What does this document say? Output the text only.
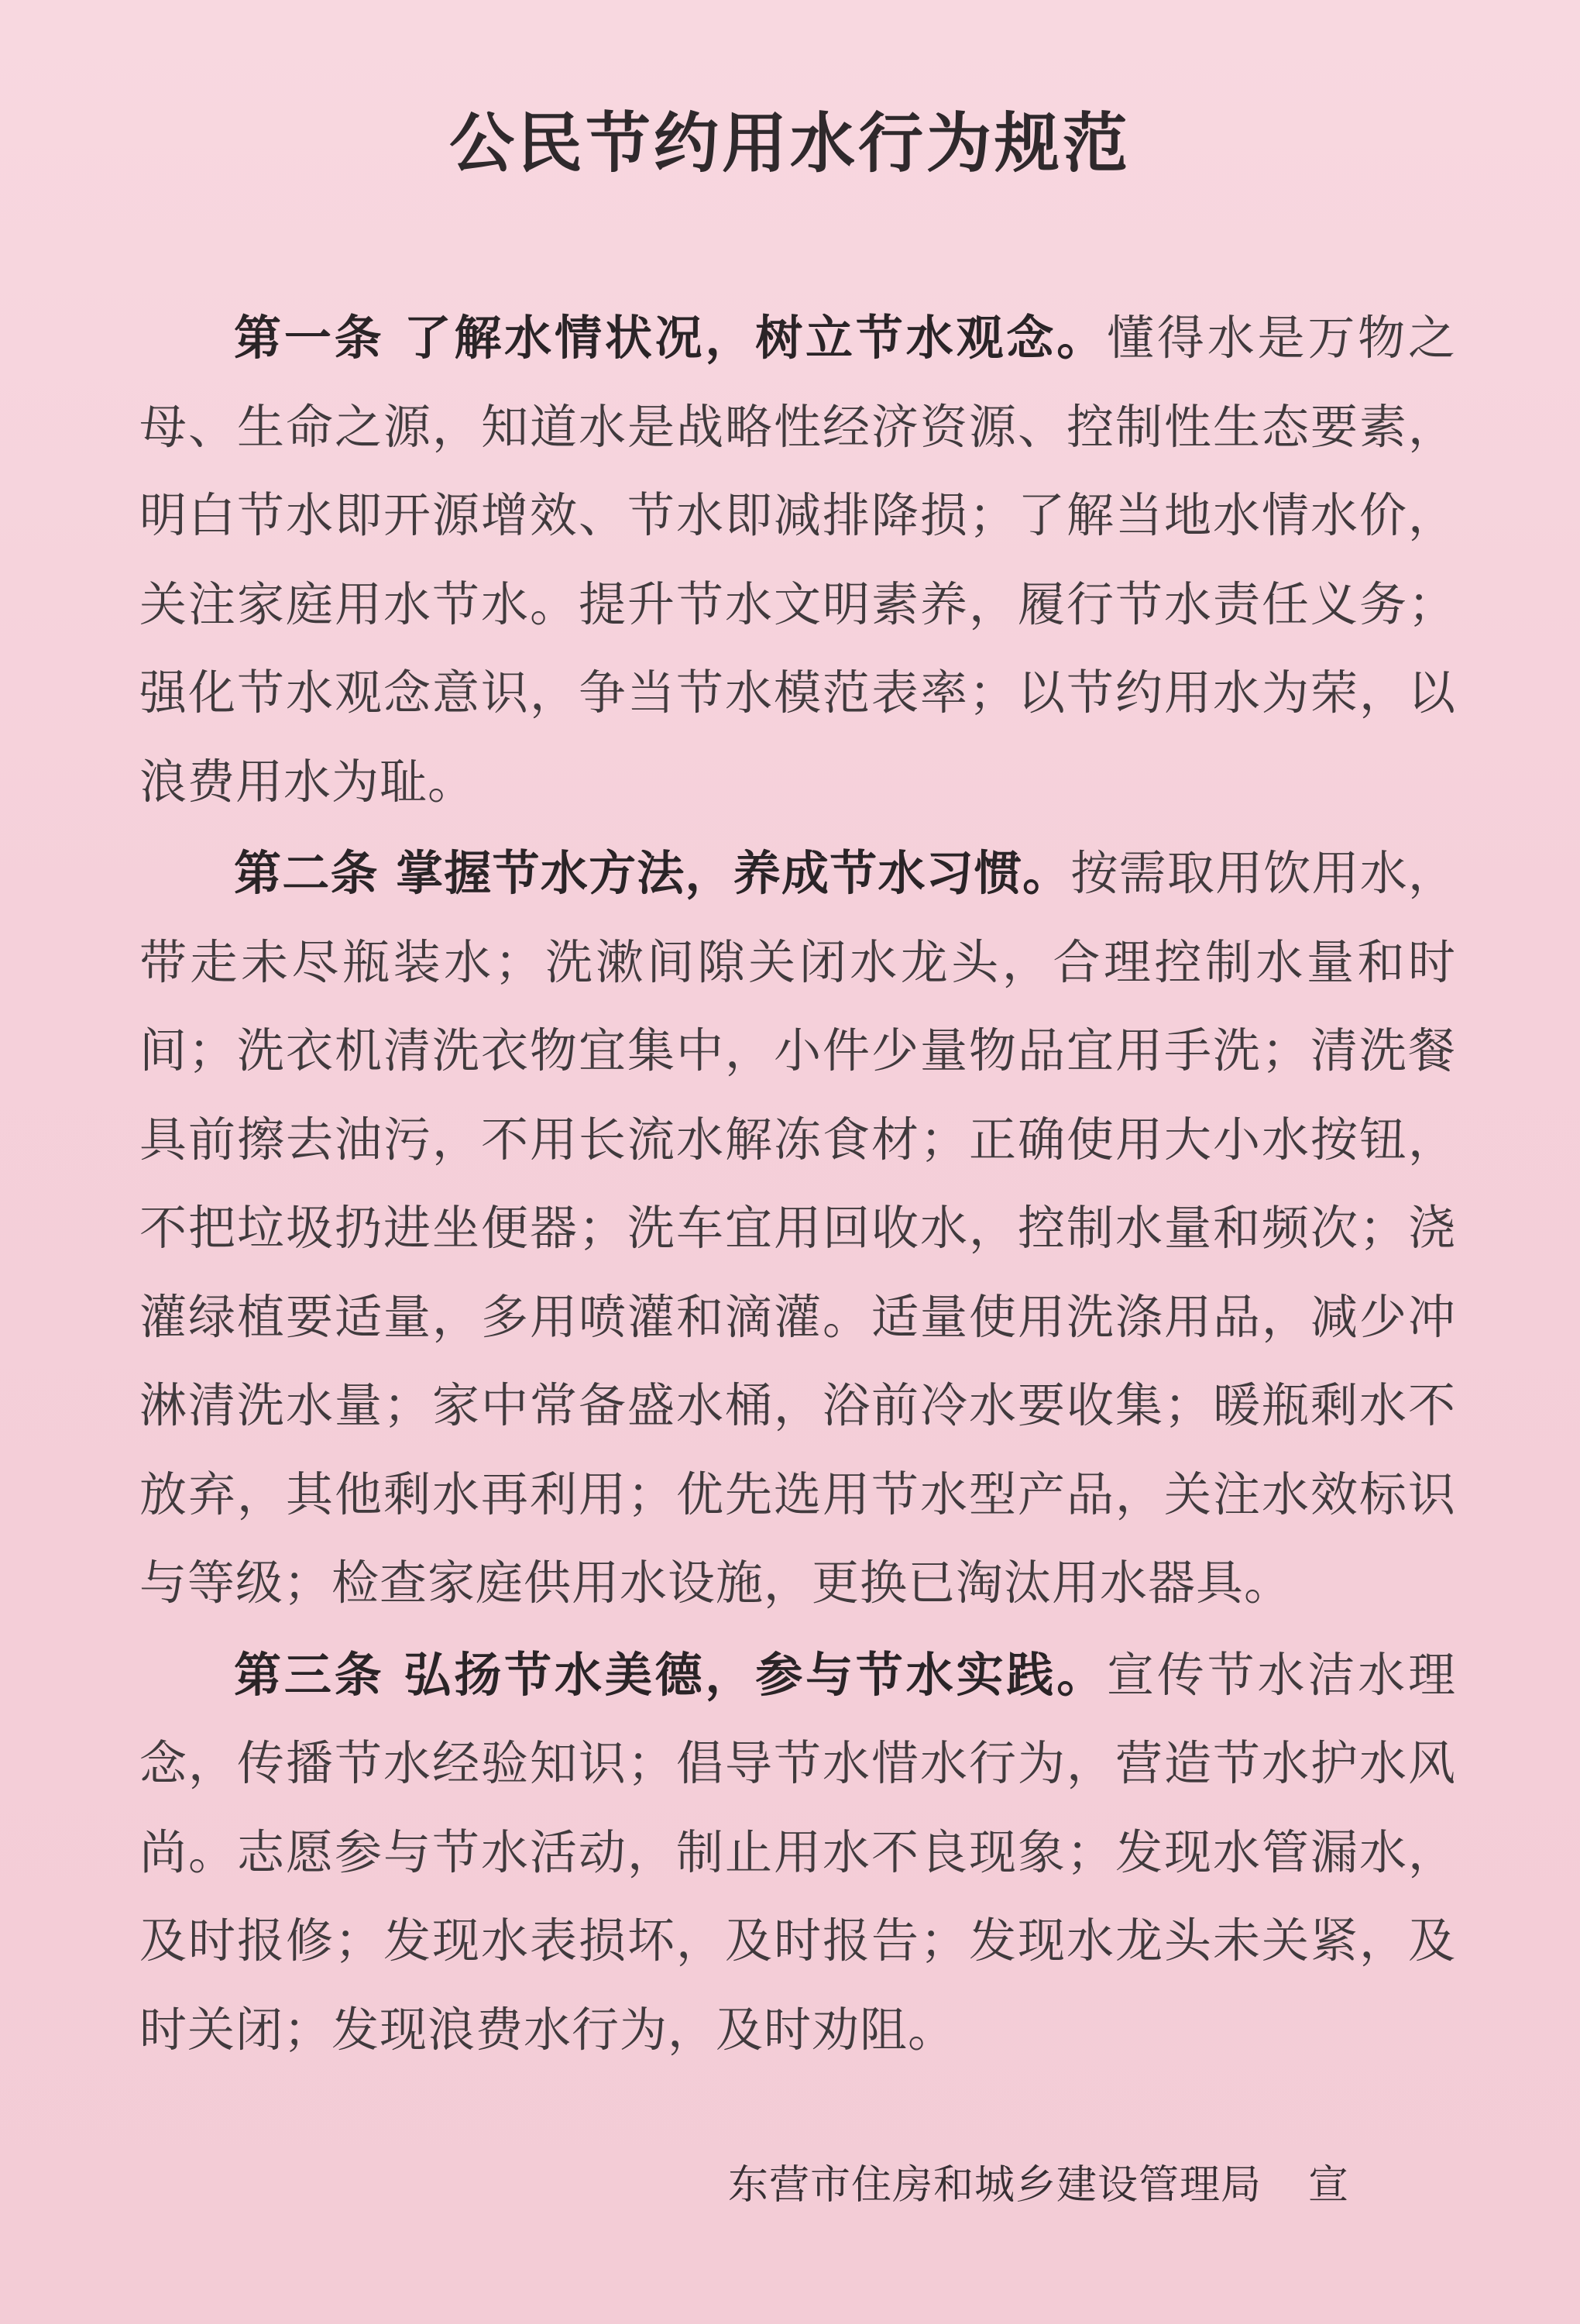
公民节约用水行为规范

第一条 了解水情状况，树立节水观念。懂得水是万物之母、生命之源，知道水是战略性经济资源、控制性生态要素，明白节水即开源增效、节水即减排降损；了解当地水情水价，关注家庭用水节水。提升节水文明素养，履行节水责任义务；强化节水观念意识，争当节水模范表率；以节约用水为荣，以浪费用水为耻。

第二条 掌握节水方法，养成节水习惯。按需取用饮用水，带走未尽瓶装水；洗漱间隙关闭水龙头，合理控制水量和时间；洗衣机清洗衣物宜集中，小件少量物品宜用手洗；清洗餐具前擦去油污，不用长流水解冻食材；正确使用大小水按钮，不把垃圾扔进坐便器；洗车宜用回收水，控制水量和频次；浇灌绿植要适量，多用喷灌和滴灌。适量使用洗涤用品，减少冲淋清洗水量；家中常备盛水桶，浴前冷水要收集；暖瓶剩水不放弃，其他剩水再利用；优先选用节水型产品，关注水效标识与等级；检查家庭供用水设施，更换已淘汰用水器具。

第三条 弘扬节水美德，参与节水实践。宣传节水洁水理念，传播节水经验知识；倡导节水惜水行为，营造节水护水风尚。志愿参与节水活动，制止用水不良现象；发现水管漏水，及时报修；发现水表损坏，及时报告；发现水龙头未关紧，及时关闭；发现浪费水行为，及时劝阻。

东营市住房和城乡建设管理局 宣
